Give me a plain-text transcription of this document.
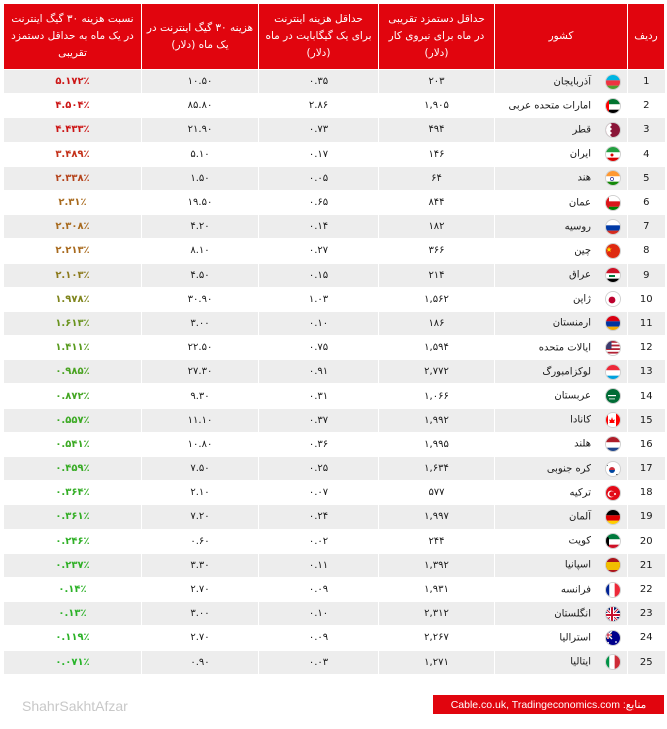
ردیف	کشور	حداقل دستمزد تقریبی در ماه برای نیروی کار (دلار)	حداقل هزینه اینترنت برای یک گیگابایت در ماه (دلار)	هزینه ۳۰ گیگ اینترنت در یک ماه (دلار)	نسبت هزینه ۳۰ گیگ اینترنت در یک ماه به حداقل دستمزد تقریبی
1	آذربایجان	۲۰۳	۰.۳۵	۱۰.۵۰	۵.۱۷۲٪
2	امارات متحده عربی	۱,۹۰۵	۲.۸۶	۸۵.۸۰	۴.۵۰۴٪
3	قطر	۴۹۴	۰.۷۳	۲۱.۹۰	۴.۴۳۳٪
4	ایران	۱۴۶	۰.۱۷	۵.۱۰	۳.۴۸۹٪
5	هند	۶۴	۰.۰۵	۱.۵۰	۲.۳۳۸٪
6	عمان	۸۴۴	۰.۶۵	۱۹.۵۰	۲.۳۱٪
7	روسیه	۱۸۲	۰.۱۴	۴.۲۰	۲.۳۰۸٪
8	چین	۳۶۶	۰.۲۷	۸.۱۰	۲.۲۱۳٪
9	عراق	۲۱۴	۰.۱۵	۴.۵۰	۲.۱۰۳٪
10	ژاپن	۱,۵۶۲	۱.۰۳	۳۰.۹۰	۱.۹۷۸٪
11	ارمنستان	۱۸۶	۰.۱۰	۳.۰۰	۱.۶۱۳٪
12	ایالات متحده	۱,۵۹۴	۰.۷۵	۲۲.۵۰	۱.۴۱۱٪
13	لوکزامبورگ	۲,۷۷۲	۰.۹۱	۲۷.۳۰	۰.۹۸۵٪
14	عربستان	۱,۰۶۶	۰.۳۱	۹.۳۰	۰.۸۷۲٪
15	کانادا	۱,۹۹۲	۰.۳۷	۱۱.۱۰	۰.۵۵۷٪
16	هلند	۱,۹۹۵	۰.۳۶	۱۰.۸۰	۰.۵۴۱٪
17	کره جنوبی	۱,۶۳۴	۰.۲۵	۷.۵۰	۰.۴۵۹٪
18	ترکیه	۵۷۷	۰.۰۷	۲.۱۰	۰.۳۶۴٪
19	آلمان	۱,۹۹۷	۰.۲۴	۷.۲۰	۰.۳۶۱٪
20	کویت	۲۴۴	۰.۰۲	۰.۶۰	۰.۲۴۶٪
21	اسپانیا	۱,۳۹۲	۰.۱۱	۳.۳۰	۰.۲۳۷٪
22	فرانسه	۱,۹۳۱	۰.۰۹	۲.۷۰	۰.۱۴٪
23	انگلستان	۲,۳۱۲	۰.۱۰	۳.۰۰	۰.۱۳٪
24	استرالیا	۲,۲۶۷	۰.۰۹	۲.۷۰	۰.۱۱۹٪
25	ایتالیا	۱,۲۷۱	۰.۰۳	۰.۹۰	۰.۰۷۱٪
منابع: Cable.co.uk, Tradingeconomics.com
ShahrSakhtAfzar
